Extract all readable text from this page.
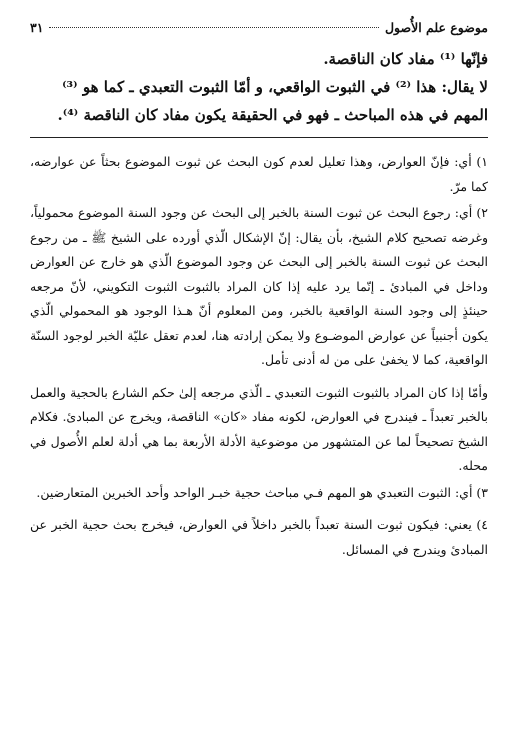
موضوع علم الأُصول
٣١

فإنّها ⁽¹⁾ مفاد كان الناقصة.

لا يقال: هذا ⁽²⁾ في الثبوت الواقعي، و أمّا الثبوت التعبدي ـ كما هو ⁽³⁾

المهم في هذه المباحث ـ فهو في الحقيقة يكون مفاد كان الناقصة ⁽⁴⁾.

١) أي: فإنّ العوارض، وهذا تعليل لعدم كون البحث عن ثبوت الموضوع بحثاً عن عوارضه، كما مرّ.

٢) أي: رجوع البحث عن ثبوت السنة بالخبر إلى البحث عن وجود السنة الموضوع محمولياً، وغرضه تصحيح كلام الشيخ، بأن يقال: إنّ الإشكال الّذي أورده على الشيخ ﷺ ـ من رجوع البحث عن ثبوت السنة بالخبر إلى البحث عن وجود الموضوع الّذي هو خارج عن العوارض وداخل في المبادئ ـ إنّما يرد عليه إذا كان المراد بالثبوت الثبوت التكويني، لأنّ مرجعه حينئذٍ إلى وجود السنة الواقعية بالخبر، ومن المعلوم أنّ هـذا الوجود هو المحمولي الّذي يكون أجنبياً عن عوارض الموضـوع ولا يمكن إرادته هنا، لعدم تعقل عليّة الخبر لوجود السنّة الواقعية، كما لا يخفىٰ على من له أدنى تأمل.

وأمّا إذا كان المراد بالثبوت الثبوت التعبدي ـ الّذي مرجعه إلىٰ حكم الشارع بالحجية والعمل بالخبر تعبداً ـ فيندرج في العوارض، لكونه مفاد «كان» الناقصة، ويخرج عن المبادئ. فكلام الشيخ تصحيحاً لما عن المتشهور من موضوعية الأدلة الأربعة بما هي أدلة لعلم الأُصول في محله.

٣) أي: الثبوت التعبدي هو المهم فـي مباحث حجية خبـر الواحد وأحد الخبرين المتعارضين.

٤) يعني: فيكون ثبوت السنة تعبداً بالخبر داخلاً في العوارض، فيخرج بحث حجية الخبر عن المبادئ ويندرج في المسائل.
